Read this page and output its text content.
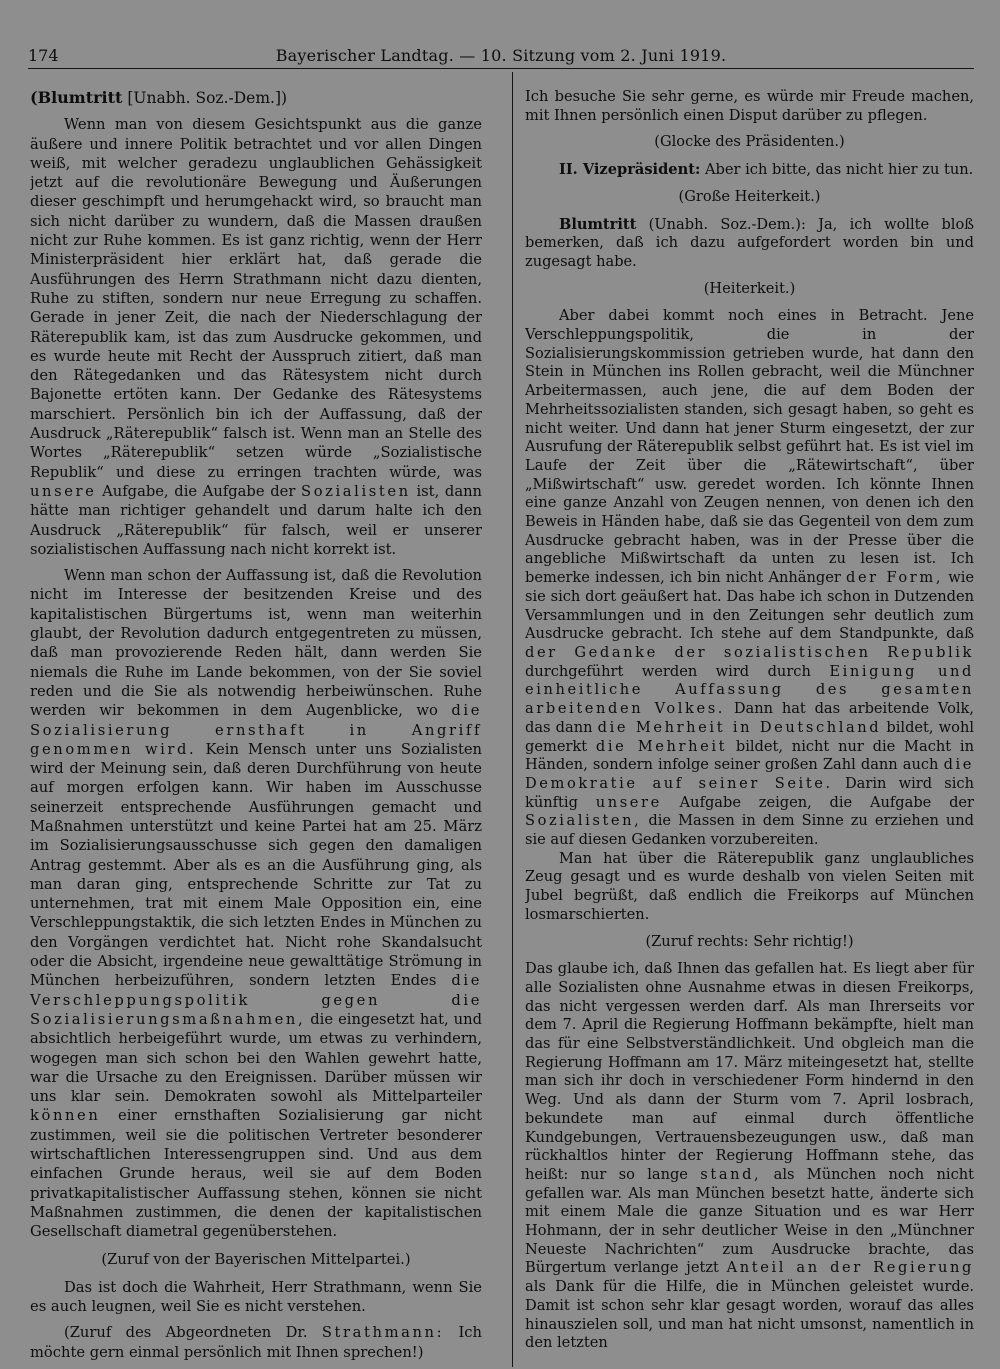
174	Bayerischer Landtag. — 10. Sitzung vom 2. Juni 1919.

(Blumtritt [Unabh. Soz.-Dem.])

Wenn man von diesem Gesichtspunkt aus die ganze äußere und innere Politik betrachtet und vor allen Dingen weiß, mit welcher geradezu unglaublichen Gehässigkeit jetzt auf die revolutionäre Bewegung und Äußerungen dieser geschimpft und herumgehackt wird, so braucht man sich nicht darüber zu wundern, daß die Massen draußen nicht zur Ruhe kommen. Es ist ganz richtig, wenn der Herr Ministerpräsident hier erklärt hat, daß gerade die Ausführungen des Herrn Strathmann nicht dazu dienten, Ruhe zu stiften, sondern nur neue Erregung zu schaffen. Gerade in jener Zeit, die nach der Niederschlagung der Räterepublik kam, ist das zum Ausdrucke gekommen, und es wurde heute mit Recht der Ausspruch zitiert, daß man den Rätegedanken und das Rätesystem nicht durch Bajonette ertöten kann. Der Gedanke des Rätesystems marschiert. Persönlich bin ich der Auffassung, daß der Ausdruck „Räterepublik“ falsch ist. Wenn man an Stelle des Wortes „Räterepublik“ setzen würde „Sozialistische Republik“ und diese zu erringen trachten würde, was unsere Aufgabe, die Aufgabe der Sozialisten ist, dann hätte man richtiger gehandelt und darum halte ich den Ausdruck „Räterepublik“ für falsch, weil er unserer sozialistischen Auffassung nach nicht korrekt ist.

Wenn man schon der Auffassung ist, daß die Revolution nicht im Interesse der besitzenden Kreise und des kapitalistischen Bürgertums ist, wenn man weiterhin glaubt, der Revolution dadurch entgegentreten zu müssen, daß man provozierende Reden hält, dann werden Sie niemals die Ruhe im Lande bekommen, von der Sie soviel reden und die Sie als notwendig herbeiwünschen. Ruhe werden wir bekommen in dem Augenblicke, wo die Sozialisierung ernsthaft in Angriff genommen wird. Kein Mensch unter uns Sozialisten wird der Meinung sein, daß deren Durchführung von heute auf morgen erfolgen kann. Wir haben im Ausschusse seinerzeit entsprechende Ausführungen gemacht und Maßnahmen unterstützt und keine Partei hat am 25. März im Sozialisierungsausschusse sich gegen den damaligen Antrag gestemmt. Aber als es an die Ausführung ging, als man daran ging, entsprechende Schritte zur Tat zu unternehmen, trat mit einem Male Opposition ein, eine Verschleppungstaktik, die sich letzten Endes in München zu den Vorgängen verdichtet hat. Nicht rohe Skandalsucht oder die Absicht, irgendeine neue gewalttätige Strömung in München herbeizuführen, sondern letzten Endes die Verschleppungspolitik gegen die Sozialisierungsmaßnahmen, die eingesetzt hat, und absichtlich herbeigeführt wurde, um etwas zu verhindern, wogegen man sich schon bei den Wahlen gewehrt hatte, war die Ursache zu den Ereignissen. Darüber müssen wir uns klar sein. Demokraten sowohl als Mittelparteiler können einer ernsthaften Sozialisierung gar nicht zustimmen, weil sie die politischen Vertreter besonderer wirtschaftlichen Interessengruppen sind. Und aus dem einfachen Grunde heraus, weil sie auf dem Boden privatkapitalistischer Auffassung stehen, können sie nicht Maßnahmen zustimmen, die denen der kapitalistischen Gesellschaft diametral gegenüberstehen.

(Zuruf von der Bayerischen Mittelpartei.)

Das ist doch die Wahrheit, Herr Strathmann, wenn Sie es auch leugnen, weil Sie es nicht verstehen.

(Zuruf des Abgeordneten Dr. Strathmann: Ich möchte gern einmal persönlich mit Ihnen sprechen!)

Ich besuche Sie sehr gerne, es würde mir Freude machen, mit Ihnen persönlich einen Disput darüber zu pflegen.

(Glocke des Präsidenten.)

II. Vizepräsident: Aber ich bitte, das nicht hier zu tun.

(Große Heiterkeit.)

Blumtritt (Unabh. Soz.-Dem.): Ja, ich wollte bloß bemerken, daß ich dazu aufgefordert worden bin und zugesagt habe.

(Heiterkeit.)

Aber dabei kommt noch eines in Betracht. Jene Verschleppungspolitik, die in der Sozialisierungskommission getrieben wurde, hat dann den Stein in München ins Rollen gebracht, weil die Münchner Arbeitermassen, auch jene, die auf dem Boden der Mehrheitssozialisten standen, sich gesagt haben, so geht es nicht weiter. Und dann hat jener Sturm eingesetzt, der zur Ausrufung der Räterepublik selbst geführt hat. Es ist viel im Laufe der Zeit über die „Rätewirtschaft“, über „Mißwirtschaft“ usw. geredet worden. Ich könnte Ihnen eine ganze Anzahl von Zeugen nennen, von denen ich den Beweis in Händen habe, daß sie das Gegenteil von dem zum Ausdrucke gebracht haben, was in der Presse über die angebliche Mißwirtschaft da unten zu lesen ist. Ich bemerke indessen, ich bin nicht Anhänger der Form, wie sie sich dort geäußert hat. Das habe ich schon in Dutzenden Versammlungen und in den Zeitungen sehr deutlich zum Ausdrucke gebracht. Ich stehe auf dem Standpunkte, daß der Gedanke der sozialistischen Republik durchgeführt werden wird durch Einigung und einheitliche Auffassung des gesamten arbeitenden Volkes. Dann hat das arbeitende Volk, das dann die Mehrheit in Deutschland bildet, wohl gemerkt die Mehrheit bildet, nicht nur die Macht in Händen, sondern infolge seiner großen Zahl dann auch die Demokratie auf seiner Seite. Darin wird sich künftig unsere Aufgabe zeigen, die Aufgabe der Sozialisten, die Massen in dem Sinne zu erziehen und sie auf diesen Gedanken vorzubereiten.

Man hat über die Räterepublik ganz unglaubliches Zeug gesagt und es wurde deshalb von vielen Seiten mit Jubel begrüßt, daß endlich die Freikorps auf München losmarschierten.

(Zuruf rechts: Sehr richtig!)

Das glaube ich, daß Ihnen das gefallen hat. Es liegt aber für alle Sozialisten ohne Ausnahme etwas in diesen Freikorps, das nicht vergessen werden darf. Als man Ihrerseits vor dem 7. April die Regierung Hoffmann bekämpfte, hielt man das für eine Selbstverständlichkeit. Und obgleich man die Regierung Hoffmann am 17. März miteingesetzt hat, stellte man sich ihr doch in verschiedener Form hindernd in den Weg. Und als dann der Sturm vom 7. April losbrach, bekundete man auf einmal durch öffentliche Kundgebungen, Vertrauensbezeugungen usw., daß man rückhaltlos hinter der Regierung Hoffmann stehe, das heißt: nur so lange stand, als München noch nicht gefallen war. Als man München besetzt hatte, änderte sich mit einem Male die ganze Situation und es war Herr Hohmann, der in sehr deutlicher Weise in den „Münchner Neueste Nachrichten“ zum Ausdrucke brachte, das Bürgertum verlange jetzt Anteil an der Regierung als Dank für die Hilfe, die in München geleistet wurde. Damit ist schon sehr klar gesagt worden, worauf das alles hinauszielen soll, und man hat nicht umsonst, namentlich in den letzten
